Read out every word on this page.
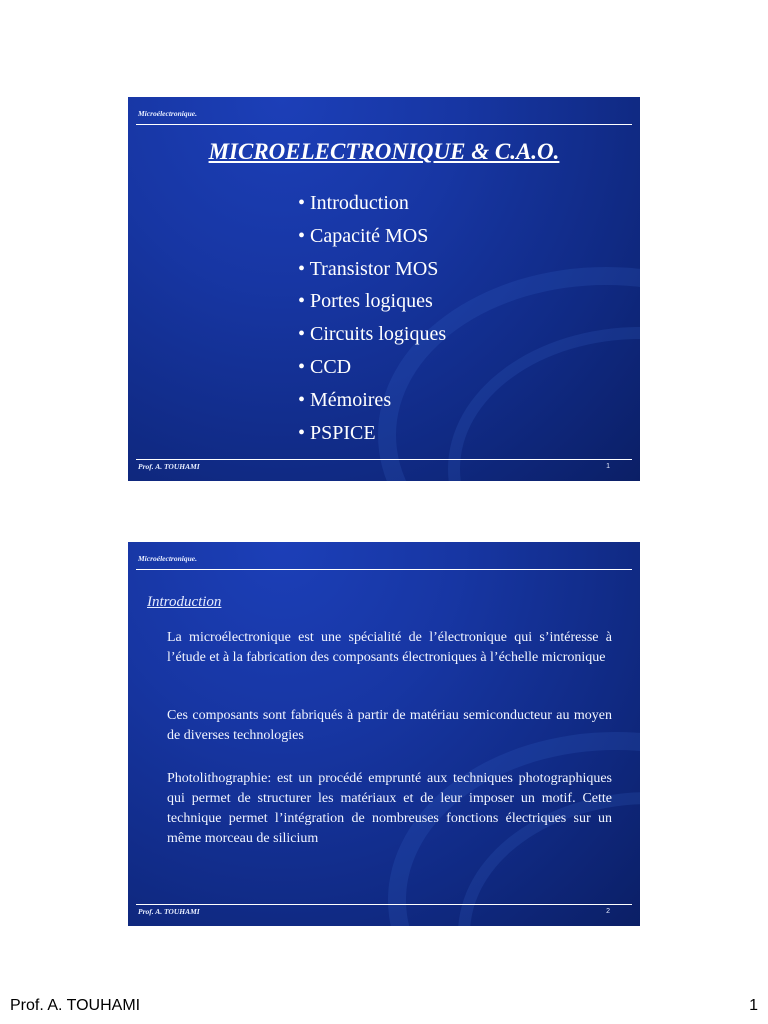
Microélectronique.
MICROELECTRONIQUE & C.A.O.
• Introduction
• Capacité MOS
• Transistor MOS
• Portes logiques
• Circuits logiques
• CCD
• Mémoires
• PSPICE
Prof. A. TOUHAMI	1
Microélectronique.
Introduction

La microélectronique est une spécialité de l’électronique qui s’intéresse à l’étude et à la fabrication des composants électroniques à l’échelle micronique

Ces composants sont fabriqués à partir de matériau semiconducteur au moyen de diverses technologies

Photolithographie: est un procédé emprunté aux techniques photographiques qui permet de structurer les matériaux et de leur imposer un motif. Cette technique permet l’intégration de nombreuses fonctions électriques sur un même morceau de silicium

Prof. A. TOUHAMI	2
Prof. A. TOUHAMI	1
